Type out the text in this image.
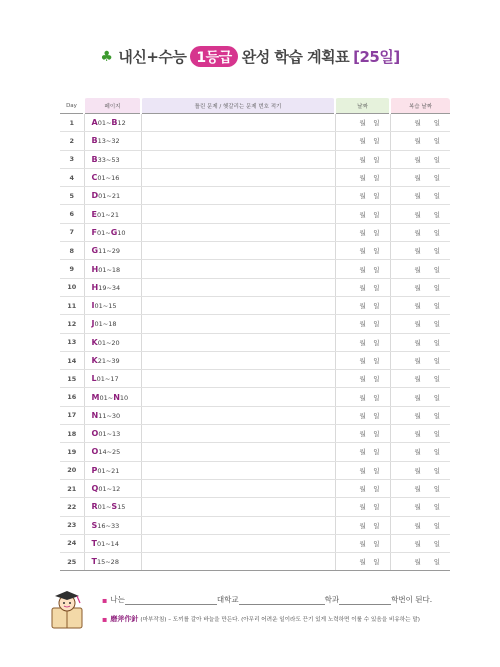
♣ 내신+수능 1등급 완성 학습 계획표 [25일]
Day	페이지	틀린 문제 / 헷갈리는 문제 번호 적기	날짜	복습 날짜
1	A01~B12		월 일	월 일

2	B13~32		월 일	월 일

3	B33~53		월 일	월 일

4	C01~16		월 일	월 일

5	D01~21		월 일	월 일

6	E01~21		월 일	월 일

7	F01~G10		월 일	월 일

8	G11~29		월 일	월 일

9	H01~18		월 일	월 일

10	H19~34		월 일	월 일

11	I01~15		월 일	월 일

12	J01~18		월 일	월 일

13	K01~20		월 일	월 일

14	K21~39		월 일	월 일

15	L01~17		월 일	월 일

16	M01~N10		월 일	월 일

17	N11~30		월 일	월 일

18	O01~13		월 일	월 일

19	O14~25		월 일	월 일

20	P01~21		월 일	월 일

21	Q01~12		월 일	월 일

22	R01~S15		월 일	월 일

23	S16~33		월 일	월 일

24	T01~14		월 일	월 일

25	T15~28		월 일	월 일
▪ 나는	대학교	학과	학번이 된다.
▪ 磨斧作針 (마부작침)
– 도끼를 갈아 바늘을 만든다. (아무리 어려운 일이라도 끈기 있게 노력하면 이룰 수 있음을 비유하는 말)
